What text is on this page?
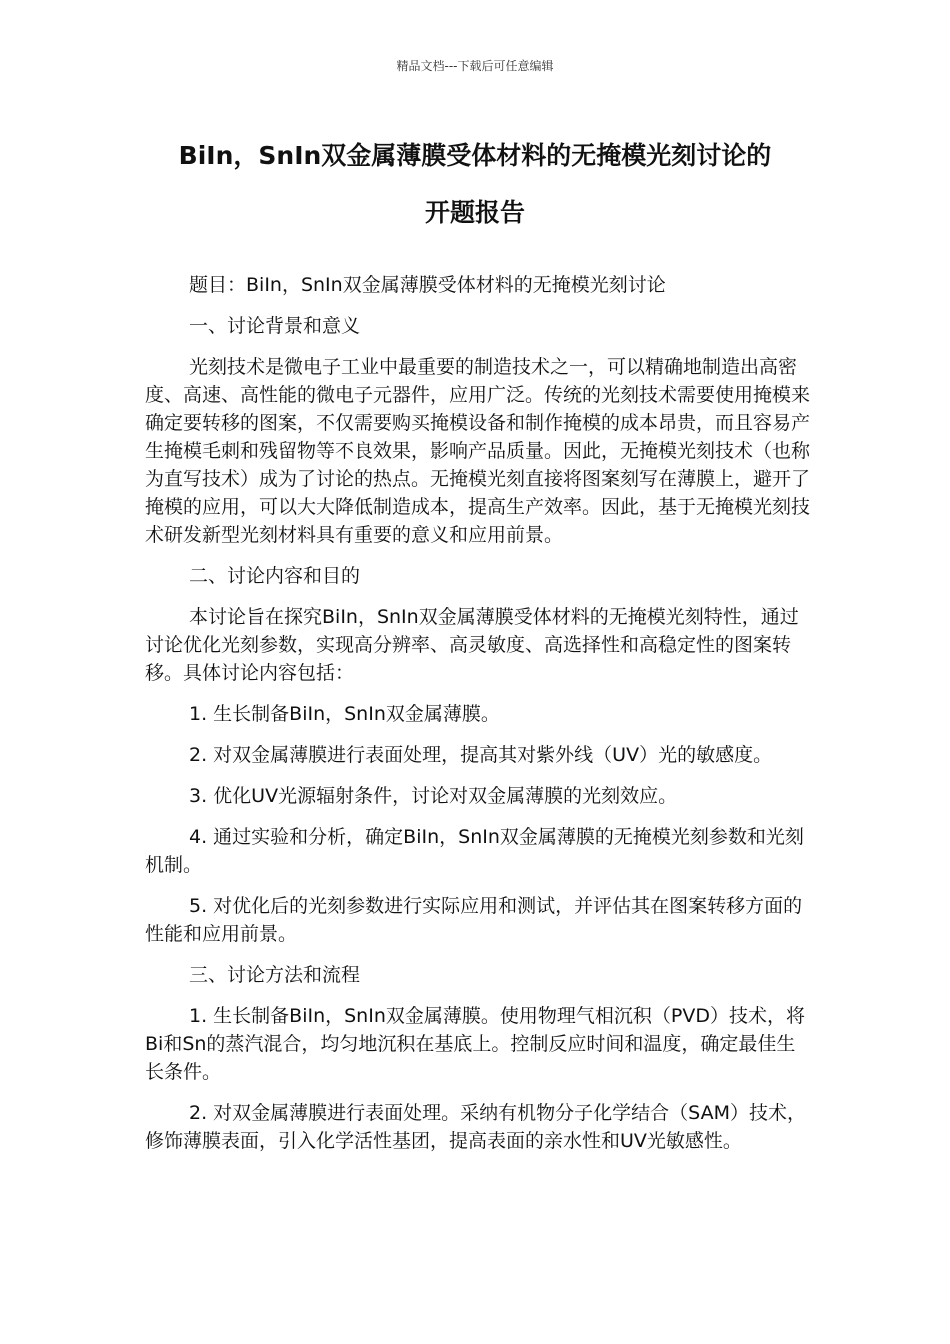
精品文档---下载后可任意编辑
BiIn，SnIn双金属薄膜受体材料的无掩模光刻讨论的
开题报告

题目：BiIn，SnIn双金属薄膜受体材料的无掩模光刻讨论

一、讨论背景和意义

光刻技术是微电子工业中最重要的制造技术之一，可以精确地制造出高密度、高速、高性能的微电子元器件，应用广泛。传统的光刻技术需要使用掩模来确定要转移的图案，不仅需要购买掩模设备和制作掩模的成本昂贵，而且容易产生掩模毛刺和残留物等不良效果，影响产品质量。因此，无掩模光刻技术（也称为直写技术）成为了讨论的热点。无掩模光刻直接将图案刻写在薄膜上，避开了掩模的应用，可以大大降低制造成本，提高生产效率。因此，基于无掩模光刻技术研发新型光刻材料具有重要的意义和应用前景。

二、讨论内容和目的

本讨论旨在探究BiIn，SnIn双金属薄膜受体材料的无掩模光刻特性，通过讨论优化光刻参数，实现高分辨率、高灵敏度、高选择性和高稳定性的图案转移。具体讨论内容包括：

1. 生长制备BiIn，SnIn双金属薄膜。

2. 对双金属薄膜进行表面处理，提高其对紫外线（UV）光的敏感度。

3. 优化UV光源辐射条件，讨论对双金属薄膜的光刻效应。

4. 通过实验和分析，确定BiIn，SnIn双金属薄膜的无掩模光刻参数和光刻机制。

5. 对优化后的光刻参数进行实际应用和测试，并评估其在图案转移方面的性能和应用前景。

三、讨论方法和流程

1. 生长制备BiIn，SnIn双金属薄膜。使用物理气相沉积（PVD）技术，将Bi和Sn的蒸汽混合，均匀地沉积在基底上。控制反应时间和温度，确定最佳生长条件。

2. 对双金属薄膜进行表面处理。采纳有机物分子化学结合（SAM）技术，修饰薄膜表面，引入化学活性基团，提高表面的亲水性和UV光敏感性。
